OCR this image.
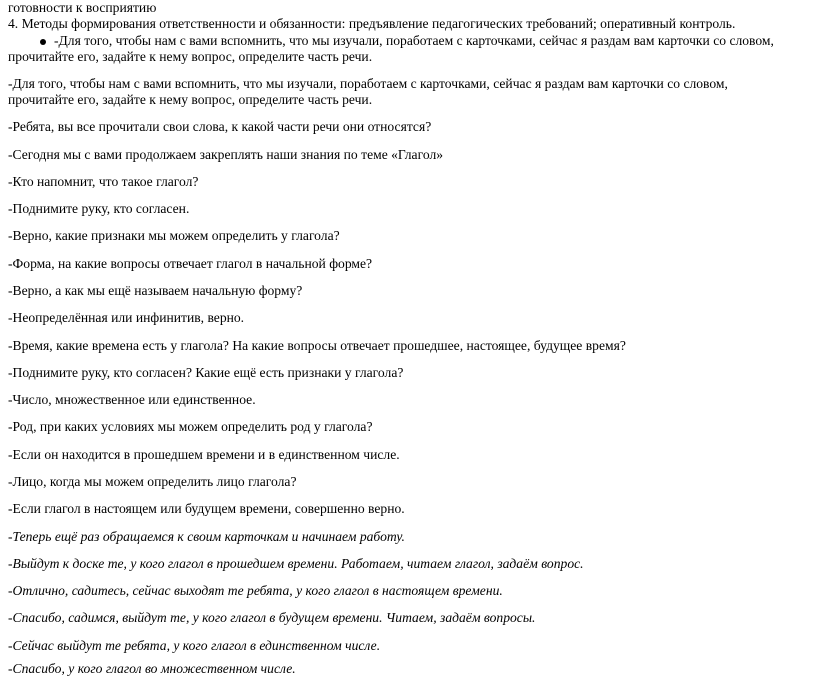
готовности к восприятию
4. Методы формирования ответственности и обязанности: предъявление педагогических требований; оперативный контроль.
-Для того, чтобы нам с вами вспомнить, что мы изучали, поработаем с карточками, сейчас я раздам вам карточки со словом,
прочитайте его, задайте к нему вопрос, определите часть речи.
-Для того, чтобы нам с вами вспомнить, что мы изучали, поработаем с карточками, сейчас я раздам вам карточки со словом,
прочитайте его, задайте к нему вопрос, определите часть речи.
-Ребята, вы все прочитали свои слова, к какой части речи они относятся?
-Сегодня мы с вами продолжаем закреплять наши знания по теме «Глагол»
-Кто напомнит, что такое глагол?
-Поднимите руку, кто согласен.
-Верно, какие признаки мы можем определить у глагола?
-Форма, на какие вопросы отвечает глагол в начальной форме?
-Верно, а как мы ещё называем начальную форму?
-Неопределённая или инфинитив, верно.
-Время, какие времена есть у глагола? На какие вопросы отвечает прошедшее, настоящее, будущее время?
-Поднимите руку, кто согласен? Какие ещё есть признаки у глагола?
-Число, множественное или единственное.
-Род, при каких условиях мы можем определить род у глагола?
-Если он находится в прошедшем времени и в единственном числе.
-Лицо, когда мы можем определить лицо глагола?
-Если глагол в настоящем или будущем времени, совершенно верно.
-Теперь ещё раз обращаемся к своим карточкам и начинаем работу.
-Выйдут к доске те, у кого глагол в прошедшем времени. Работаем, читаем глагол, задаём вопрос.
-Отлично, садитесь, сейчас выходят те ребята, у кого глагол в настоящем времени.
-Спасибо, садимся, выйдут те, у кого глагол в будущем времени. Читаем, задаём вопросы.
-Сейчас выйдут те ребята, у кого глагол в единственном числе.
-Спасибо, у кого глагол во множественном числе.
